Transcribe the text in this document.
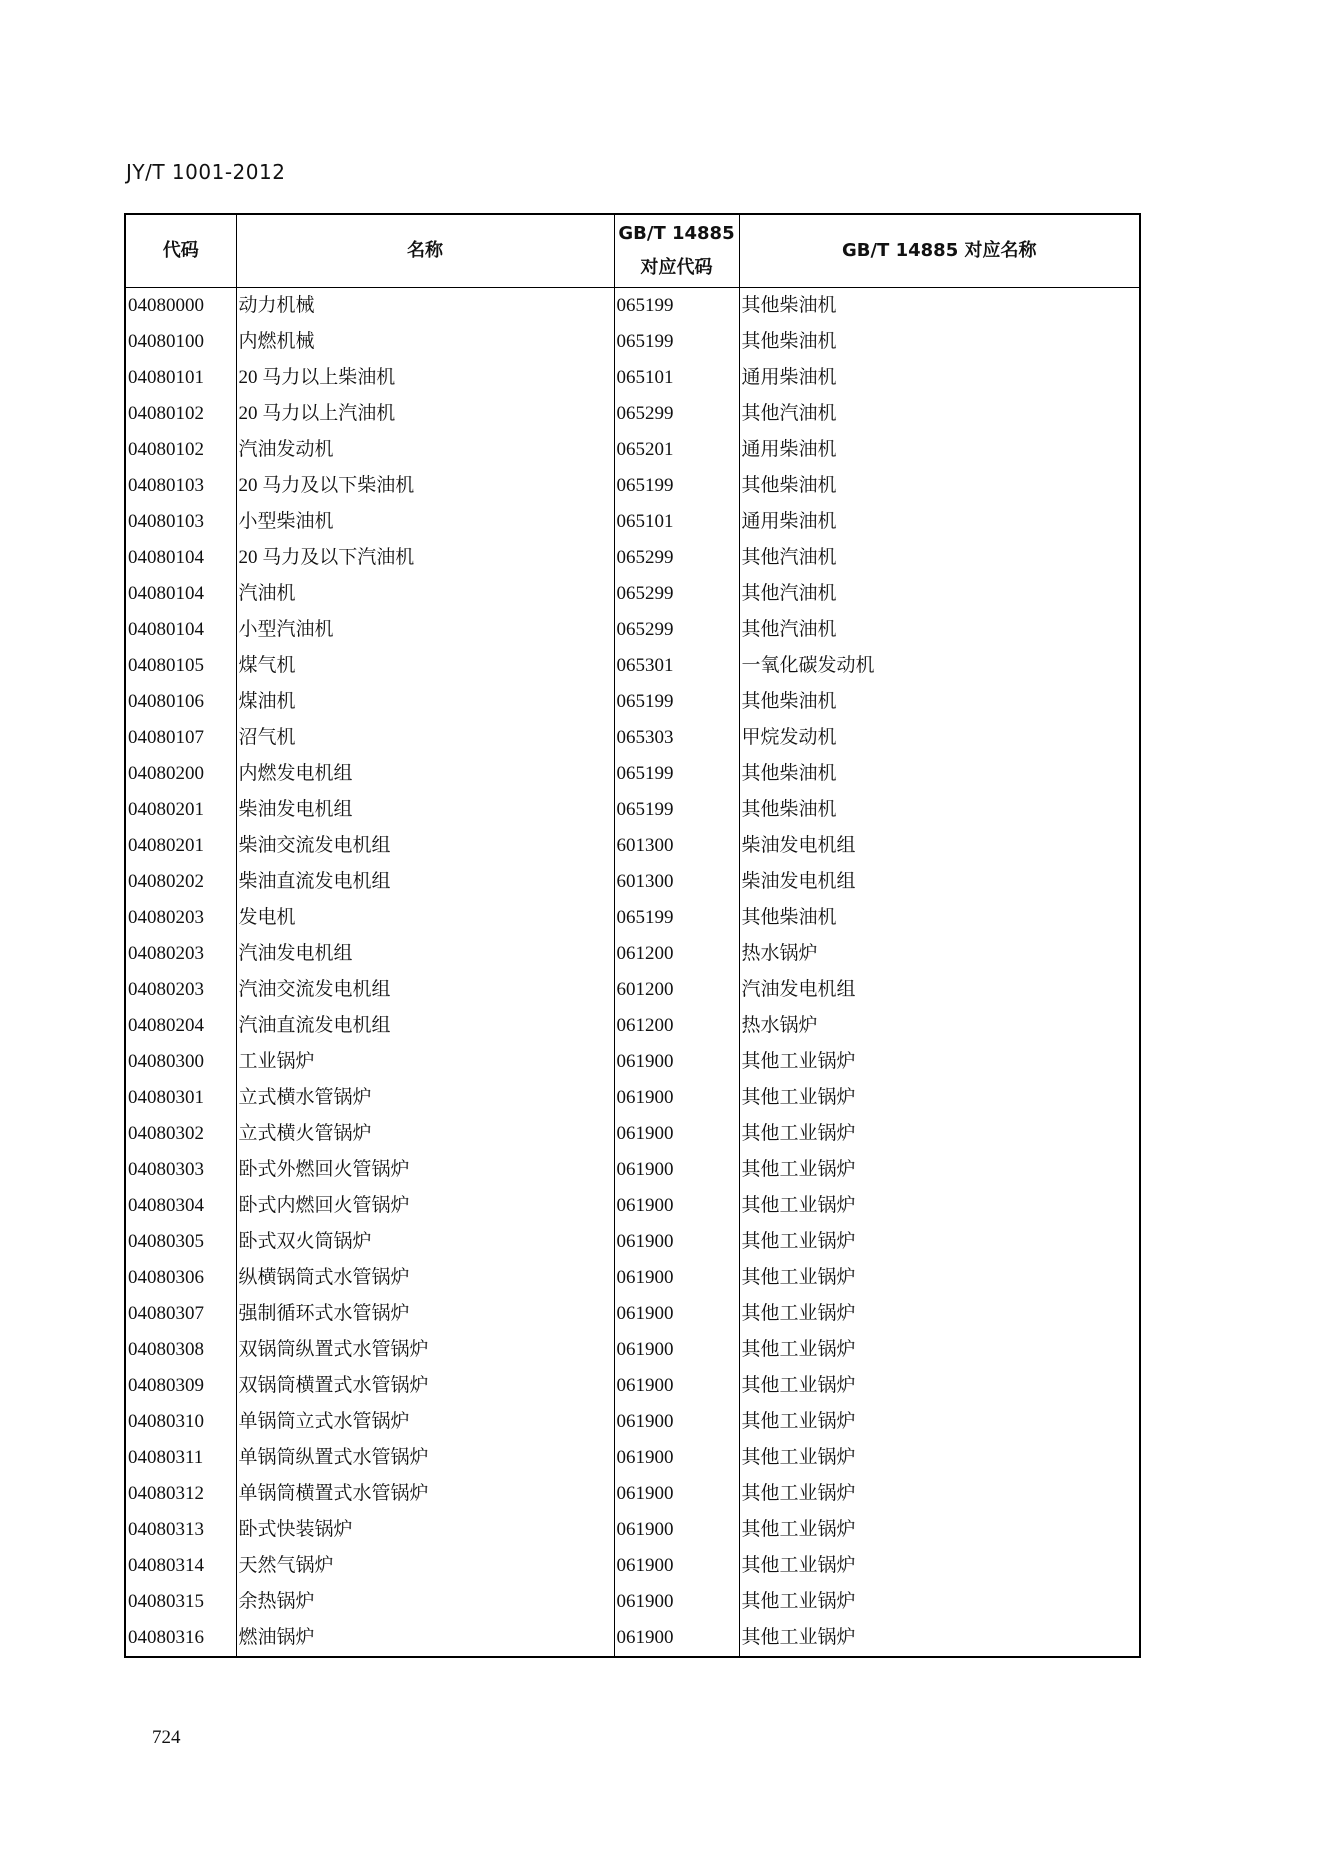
JY/T 1001-2012
代码	名称	GB/T 14885
对应代码	GB/T 14885 对应名称
04080000	动力机械	065199	其他柴油机
04080100	内燃机械	065199	其他柴油机
04080101	20 马力以上柴油机	065101	通用柴油机
04080102	20 马力以上汽油机	065299	其他汽油机
04080102	汽油发动机	065201	通用柴油机
04080103	20 马力及以下柴油机	065199	其他柴油机
04080103	小型柴油机	065101	通用柴油机
04080104	20 马力及以下汽油机	065299	其他汽油机
04080104	汽油机	065299	其他汽油机
04080104	小型汽油机	065299	其他汽油机
04080105	煤气机	065301	一氧化碳发动机
04080106	煤油机	065199	其他柴油机
04080107	沼气机	065303	甲烷发动机
04080200	内燃发电机组	065199	其他柴油机
04080201	柴油发电机组	065199	其他柴油机
04080201	柴油交流发电机组	601300	柴油发电机组
04080202	柴油直流发电机组	601300	柴油发电机组
04080203	发电机	065199	其他柴油机
04080203	汽油发电机组	061200	热水锅炉
04080203	汽油交流发电机组	601200	汽油发电机组
04080204	汽油直流发电机组	061200	热水锅炉
04080300	工业锅炉	061900	其他工业锅炉
04080301	立式横水管锅炉	061900	其他工业锅炉
04080302	立式横火管锅炉	061900	其他工业锅炉
04080303	卧式外燃回火管锅炉	061900	其他工业锅炉
04080304	卧式内燃回火管锅炉	061900	其他工业锅炉
04080305	卧式双火筒锅炉	061900	其他工业锅炉
04080306	纵横锅筒式水管锅炉	061900	其他工业锅炉
04080307	强制循环式水管锅炉	061900	其他工业锅炉
04080308	双锅筒纵置式水管锅炉	061900	其他工业锅炉
04080309	双锅筒横置式水管锅炉	061900	其他工业锅炉
04080310	单锅筒立式水管锅炉	061900	其他工业锅炉
04080311	单锅筒纵置式水管锅炉	061900	其他工业锅炉
04080312	单锅筒横置式水管锅炉	061900	其他工业锅炉
04080313	卧式快装锅炉	061900	其他工业锅炉
04080314	天然气锅炉	061900	其他工业锅炉
04080315	余热锅炉	061900	其他工业锅炉
04080316	燃油锅炉	061900	其他工业锅炉
724
